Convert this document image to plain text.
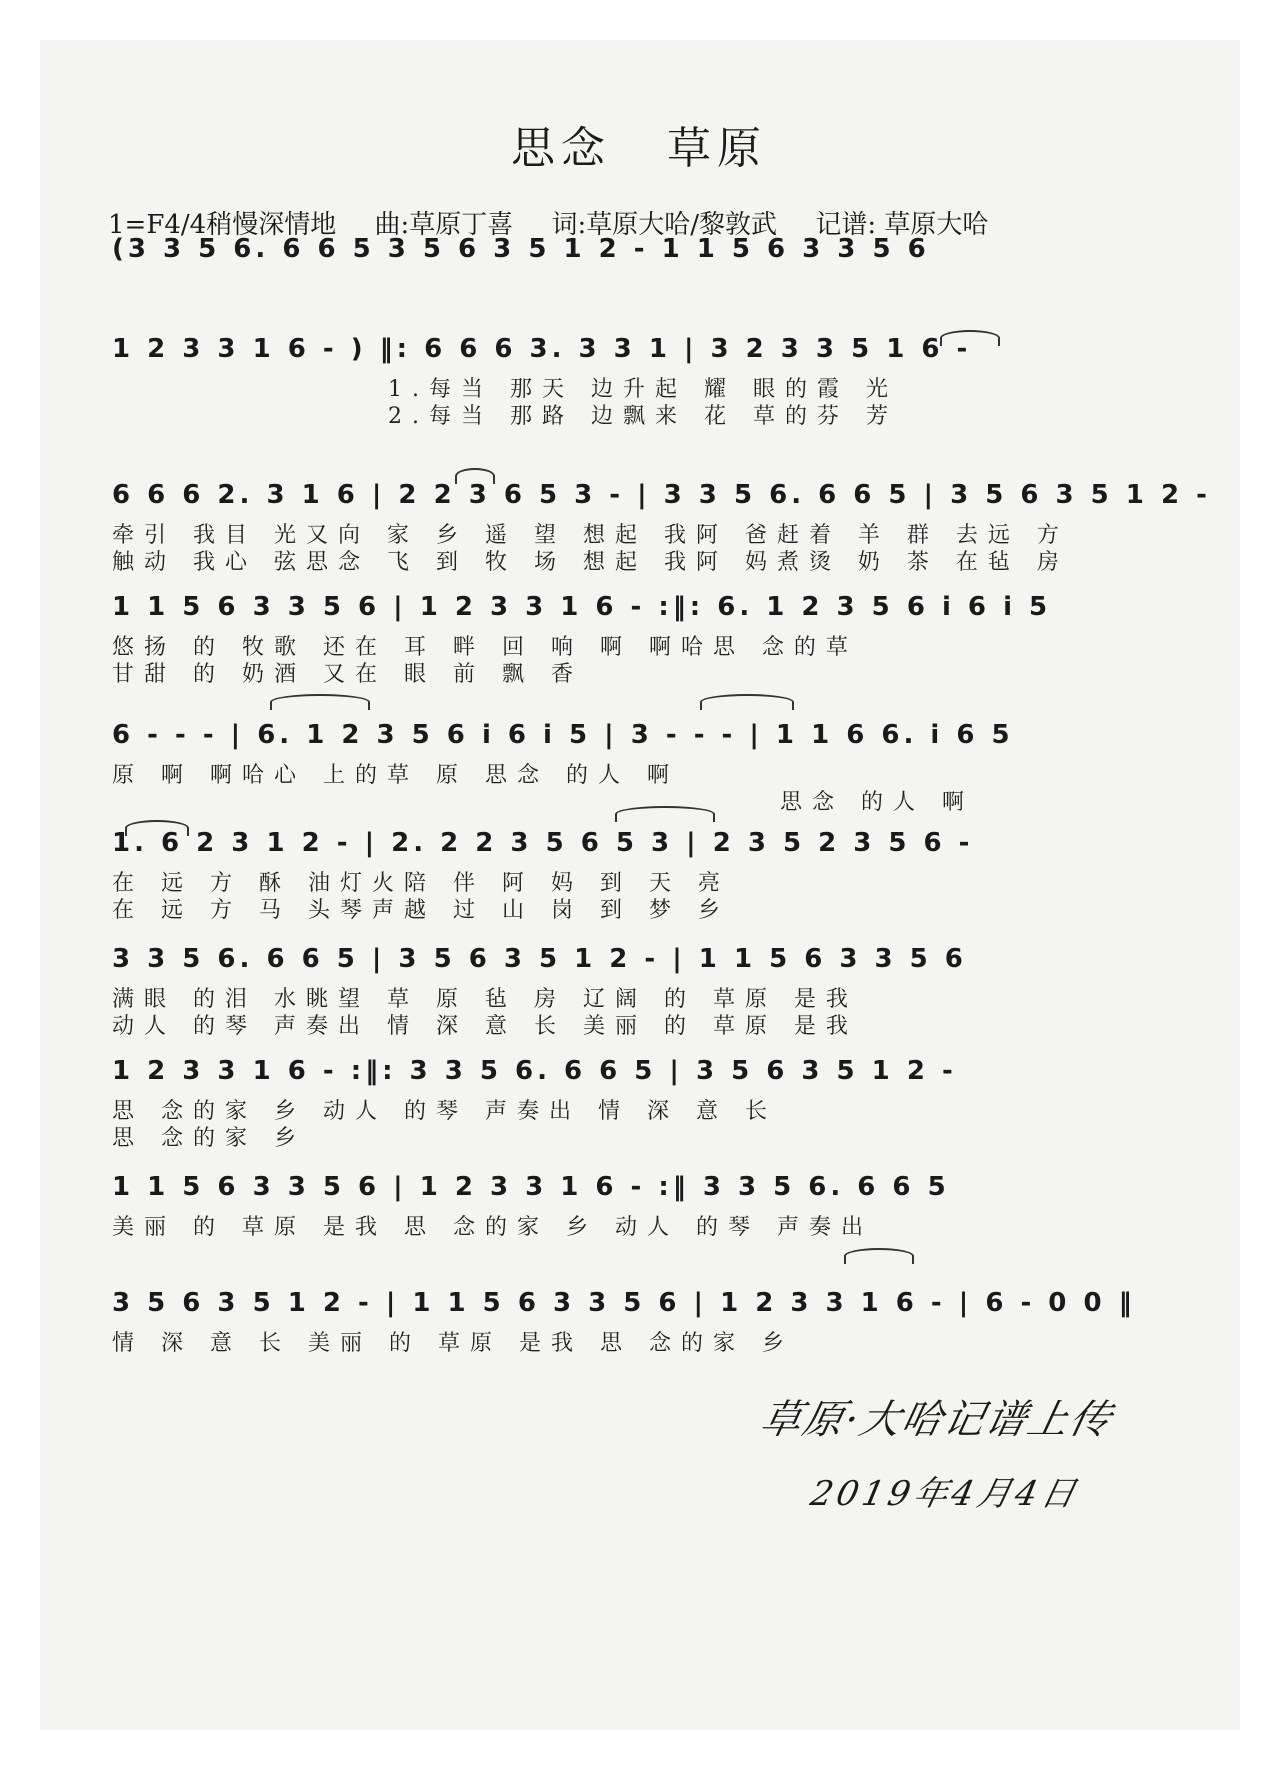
思念 草原
1=F4/4稍慢深情地 曲:草原丁喜 词:草原大哈/黎敦武 记谱: 草原大哈
(3 3 5 6. 6 6 5 3 5 6 3 5 1 2 - 1 1 5 6 3 3 5 6
1 2 3 3 1 6 - ) ‖: 6 6 6 3. 3 3 1 | 3 2 3 3 5 1 6 -
1.每当 那天 边升起 耀 眼的霞 光
2.每当 那路 边飘来 花 草的芬 芳
6 6 6 2. 3 1 6 | 2 2 3 6 5 3 - | 3 3 5 6. 6 6 5 | 3 5 6 3 5 1 2 -
牵引 我目 光又向 家 乡 遥 望 想起 我阿 爸赶着 羊 群 去远 方
触动 我心 弦思念 飞 到 牧 场 想起 我阿 妈煮烫 奶 茶 在毡 房
1 1 5 6 3 3 5 6 | 1 2 3 3 1 6 - :‖: 6. 1 2 3 5 6 i 6 i 5
悠扬 的 牧歌 还在 耳 畔 回 响 啊 啊哈思 念的草
甘甜 的 奶酒 又在 眼 前 飘 香
6 - - - | 6. 1 2 3 5 6 i 6 i 5 | 3 - - - | 1 1 6 6. i 6 5
原 啊 啊哈心 上的草 原 思念 的人 啊
思念 的人 啊
1. 6 2 3 1 2 - | 2. 2 2 3 5 6 5 3 | 2 3 5 2 3 5 6 -
在 远 方 酥 油灯火陪 伴 阿 妈 到 天 亮
在 远 方 马 头琴声越 过 山 岗 到 梦 乡
3 3 5 6. 6 6 5 | 3 5 6 3 5 1 2 - | 1 1 5 6 3 3 5 6
满眼 的泪 水眺望 草 原 毡 房 辽阔 的 草原 是我
动人 的琴 声奏出 情 深 意 长 美丽 的 草原 是我
1 2 3 3 1 6 - :‖: 3 3 5 6. 6 6 5 | 3 5 6 3 5 1 2 -
思 念的家 乡 动人 的琴 声奏出 情 深 意 长
思 念的家 乡
1 1 5 6 3 3 5 6 | 1 2 3 3 1 6 - :‖ 3 3 5 6. 6 6 5
美丽 的 草原 是我 思 念的家 乡 动人 的琴 声奏出
3 5 6 3 5 1 2 - | 1 1 5 6 3 3 5 6 | 1 2 3 3 1 6 - | 6 - 0 0 ‖
情 深 意 长 美丽 的 草原 是我 思 念的家 乡
草原·大哈记谱上传
2019年4月4日
